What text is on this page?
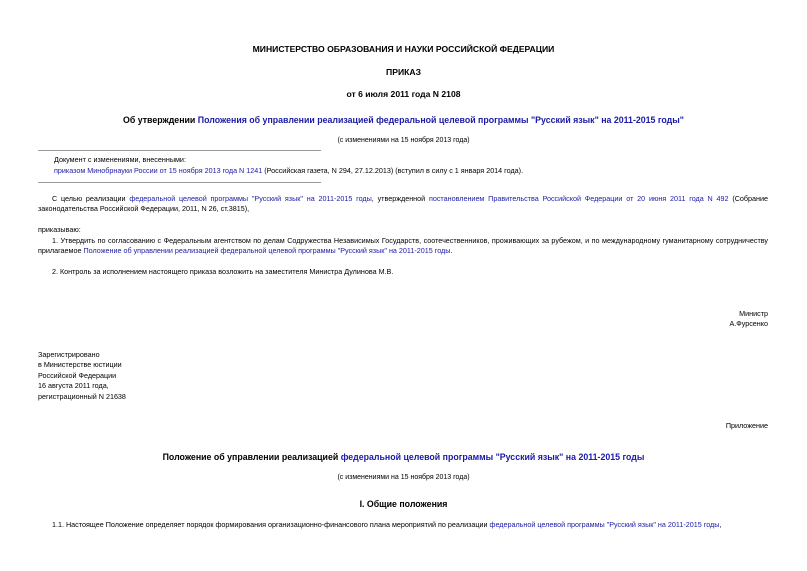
МИНИСТЕРСТВО ОБРАЗОВАНИЯ И НАУКИ РОССИЙСКОЙ ФЕДЕРАЦИИ
ПРИКАЗ
от 6 июля 2011 года N 2108
Об утверждении Положения об управлении реализацией федеральной целевой программы "Русский язык" на 2011-2015 годы"
(с изменениями на 15 ноября 2013 года)
Документ с изменениями, внесенными:
приказом Минобрнауки России от 15 ноября 2013 года N 1241 (Российская газета, N 294, 27.12.2013) (вступил в силу с 1 января 2014 года).
С целью реализации федеральной целевой программы "Русский язык" на 2011-2015 годы, утвержденной постановлением Правительства Российской Федерации от 20 июня 2011 года N 492 (Собрание законодательства Российской Федерации, 2011, N 26, ст.3815),
приказываю:
1. Утвердить по согласованию с Федеральным агентством по делам Содружества Независимых Государств, соотечественников, проживающих за рубежом, и по международному гуманитарному сотрудничеству прилагаемое Положение об управлении реализацией федеральной целевой программы "Русский язык" на 2011-2015 годы.
2. Контроль за исполнением настоящего приказа возложить на заместителя Министра Дулинова М.В.
Министр
А.Фурсенко
Зарегистрировано
в Министерстве юстиции
Российской Федерации
16 августа 2011 года,
регистрационный N 21638
Приложение
Положение об управлении реализацией федеральной целевой программы "Русский язык" на 2011-2015 годы
(с изменениями на 15 ноября 2013 года)
I. Общие положения
1.1. Настоящее Положение определяет порядок формирования организационно-финансового плана мероприятий по реализации федеральной целевой программы "Русский язык" на 2011-2015 годы,
